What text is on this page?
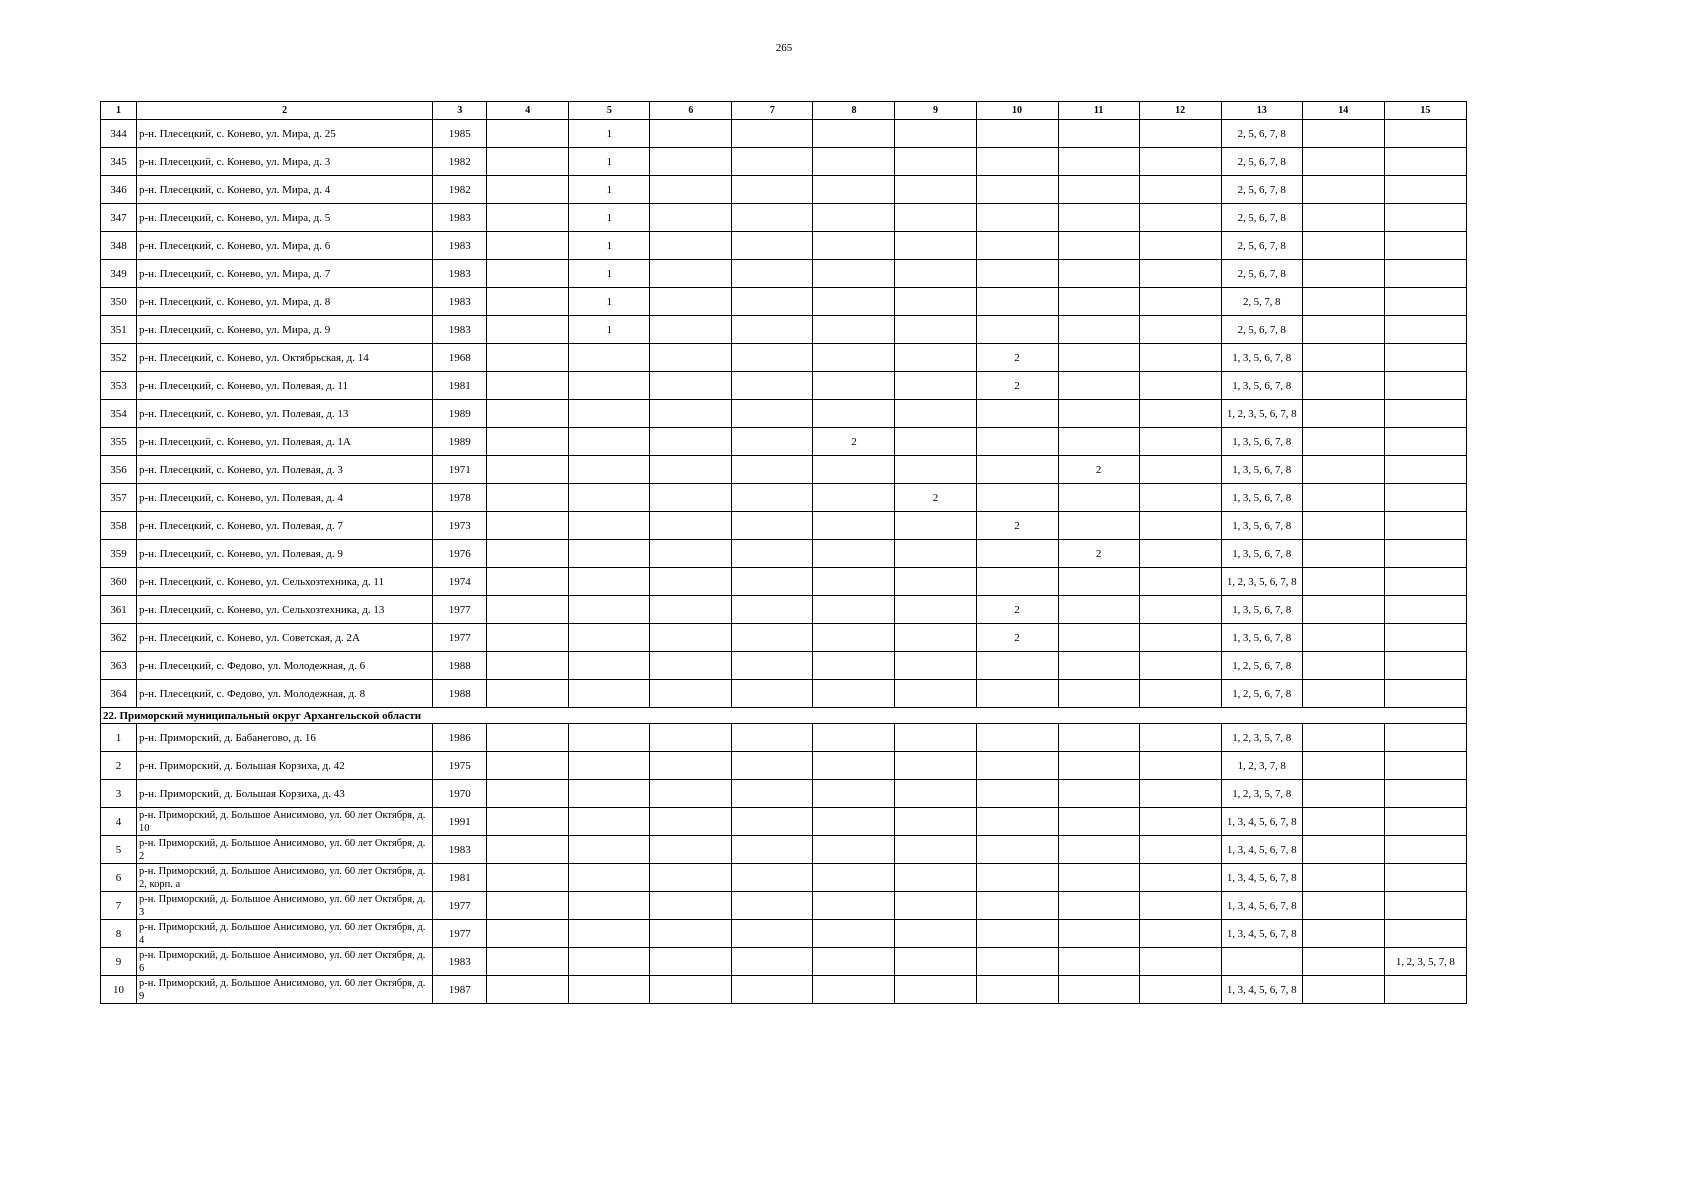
265
1	2	3	4	5	6	7	8	9	10	11	12	13	14	15
344	р-н. Плесецкий, с. Конево, ул. Мира, д. 25	1985		1								2, 5, 6, 7, 8		
345	р-н. Плесецкий, с. Конево, ул. Мира, д. 3	1982		1								2, 5, 6, 7, 8		
346	р-н. Плесецкий, с. Конево, ул. Мира, д. 4	1982		1								2, 5, 6, 7, 8		
347	р-н. Плесецкий, с. Конево, ул. Мира, д. 5	1983		1								2, 5, 6, 7, 8		
348	р-н. Плесецкий, с. Конево, ул. Мира, д. 6	1983		1								2, 5, 6, 7, 8		
349	р-н. Плесецкий, с. Конево, ул. Мира, д. 7	1983		1								2, 5, 6, 7, 8		
350	р-н. Плесецкий, с. Конево, ул. Мира, д. 8	1983		1								2, 5, 7, 8		
351	р-н. Плесецкий, с. Конево, ул. Мира, д. 9	1983		1								2, 5, 6, 7, 8		
352	р-н. Плесецкий, с. Конево, ул. Октябрьская, д. 14	1968							2			1, 3, 5, 6, 7, 8		
353	р-н. Плесецкий, с. Конево, ул. Полевая, д. 11	1981							2			1, 3, 5, 6, 7, 8		
354	р-н. Плесецкий, с. Конево, ул. Полевая, д. 13	1989										1, 2, 3, 5, 6, 7, 8		
355	р-н. Плесецкий, с. Конево, ул. Полевая, д. 1А	1989					2					1, 3, 5, 6, 7, 8		
356	р-н. Плесецкий, с. Конево, ул. Полевая, д. 3	1971								2		1, 3, 5, 6, 7, 8		
357	р-н. Плесецкий, с. Конево, ул. Полевая, д. 4	1978						2				1, 3, 5, 6, 7, 8		
358	р-н. Плесецкий, с. Конево, ул. Полевая, д. 7	1973							2			1, 3, 5, 6, 7, 8		
359	р-н. Плесецкий, с. Конево, ул. Полевая, д. 9	1976								2		1, 3, 5, 6, 7, 8		
360	р-н. Плесецкий, с. Конево, ул. Сельхозтехника, д. 11	1974										1, 2, 3, 5, 6, 7, 8		
361	р-н. Плесецкий, с. Конево, ул. Сельхозтехника, д. 13	1977							2			1, 3, 5, 6, 7, 8		
362	р-н. Плесецкий, с. Конево, ул. Советская, д. 2А	1977							2			1, 3, 5, 6, 7, 8		
363	р-н. Плесецкий, с. Федово, ул. Молодежная, д. 6	1988										1, 2, 5, 6, 7, 8		
364	р-н. Плесецкий, с. Федово, ул. Молодежная, д. 8	1988										1, 2, 5, 6, 7, 8		
22. Приморский муниципальный округ Архангельской области														
1	р-н. Приморский, д. Бабанегово, д. 16	1986										1, 2, 3, 5, 7, 8		
2	р-н. Приморский, д. Большая Корзиха, д. 42	1975										1, 2, 3, 7, 8		
3	р-н. Приморский, д. Большая Корзиха, д. 43	1970										1, 2, 3, 5, 7, 8		
4	р-н. Приморский, д. Большое Анисимово, ул. 60 лет Октября, д. 10	1991										1, 3, 4, 5, 6, 7, 8		
5	р-н. Приморский, д. Большое Анисимово, ул. 60 лет Октября, д. 2	1983										1, 3, 4, 5, 6, 7, 8		
6	р-н. Приморский, д. Большое Анисимово, ул. 60 лет Октября, д. 2, корп. а	1981										1, 3, 4, 5, 6, 7, 8		
7	р-н. Приморский, д. Большое Анисимово, ул. 60 лет Октября, д. 3	1977										1, 3, 4, 5, 6, 7, 8		
8	р-н. Приморский, д. Большое Анисимово, ул. 60 лет Октября, д. 4	1977										1, 3, 4, 5, 6, 7, 8		
9	р-н. Приморский, д. Большое Анисимово, ул. 60 лет Октября, д. 6	1983												1, 2, 3, 5, 7, 8
10	р-н. Приморский, д. Большое Анисимово, ул. 60 лет Октября, д. 9	1987										1, 3, 4, 5, 6, 7, 8		
